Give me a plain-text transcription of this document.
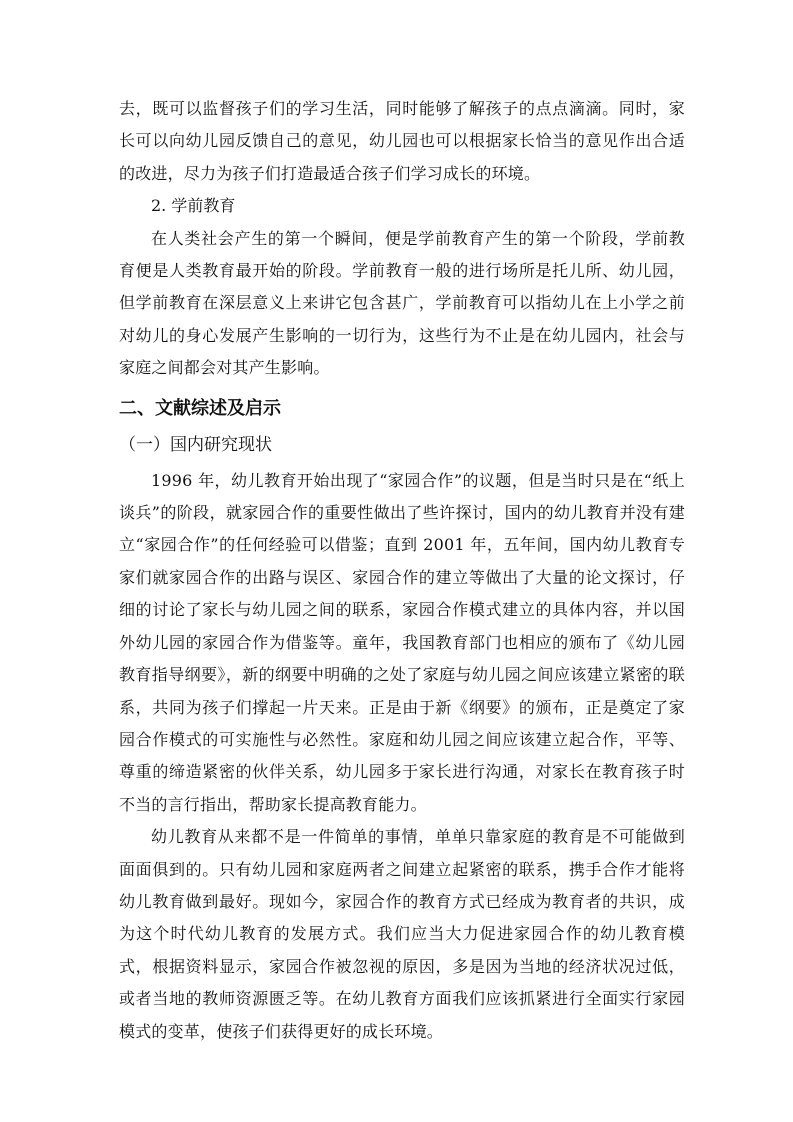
去，既可以监督孩子们的学习生活，同时能够了解孩子的点点滴滴。同时，家长可以向幼儿园反馈自己的意见，幼儿园也可以根据家长恰当的意见作出合适的改进，尽力为孩子们打造最适合孩子们学习成长的环境。

2. 学前教育

在人类社会产生的第一个瞬间，便是学前教育产生的第一个阶段，学前教育便是人类教育最开始的阶段。学前教育一般的进行场所是托儿所、幼儿园，但学前教育在深层意义上来讲它包含甚广，学前教育可以指幼儿在上小学之前对幼儿的身心发展产生影响的一切行为，这些行为不止是在幼儿园内，社会与家庭之间都会对其产生影响。

二、文献综述及启示
（一）国内研究现状

1996 年，幼儿教育开始出现了“家园合作”的议题，但是当时只是在“纸上谈兵”的阶段，就家园合作的重要性做出了些许探讨，国内的幼儿教育并没有建立“家园合作”的任何经验可以借鉴；直到 2001 年，五年间，国内幼儿教育专家们就家园合作的出路与误区、家园合作的建立等做出了大量的论文探讨，仔细的讨论了家长与幼儿园之间的联系，家园合作模式建立的具体内容，并以国外幼儿园的家园合作为借鉴等。童年，我国教育部门也相应的颁布了《幼儿园教育指导纲要》，新的纲要中明确的之处了家庭与幼儿园之间应该建立紧密的联系，共同为孩子们撑起一片天来。正是由于新《纲要》的颁布，正是奠定了家园合作模式的可实施性与必然性。家庭和幼儿园之间应该建立起合作，平等、尊重的缔造紧密的伙伴关系，幼儿园多于家长进行沟通，对家长在教育孩子时不当的言行指出，帮助家长提高教育能力。

幼儿教育从来都不是一件简单的事情，单单只靠家庭的教育是不可能做到面面俱到的。只有幼儿园和家庭两者之间建立起紧密的联系，携手合作才能将幼儿教育做到最好。现如今，家园合作的教育方式已经成为教育者的共识，成为这个时代幼儿教育的发展方式。我们应当大力促进家园合作的幼儿教育模式，根据资料显示，家园合作被忽视的原因，多是因为当地的经济状况过低，或者当地的教师资源匮乏等。在幼儿教育方面我们应该抓紧进行全面实行家园模式的变革，使孩子们获得更好的成长环境。
